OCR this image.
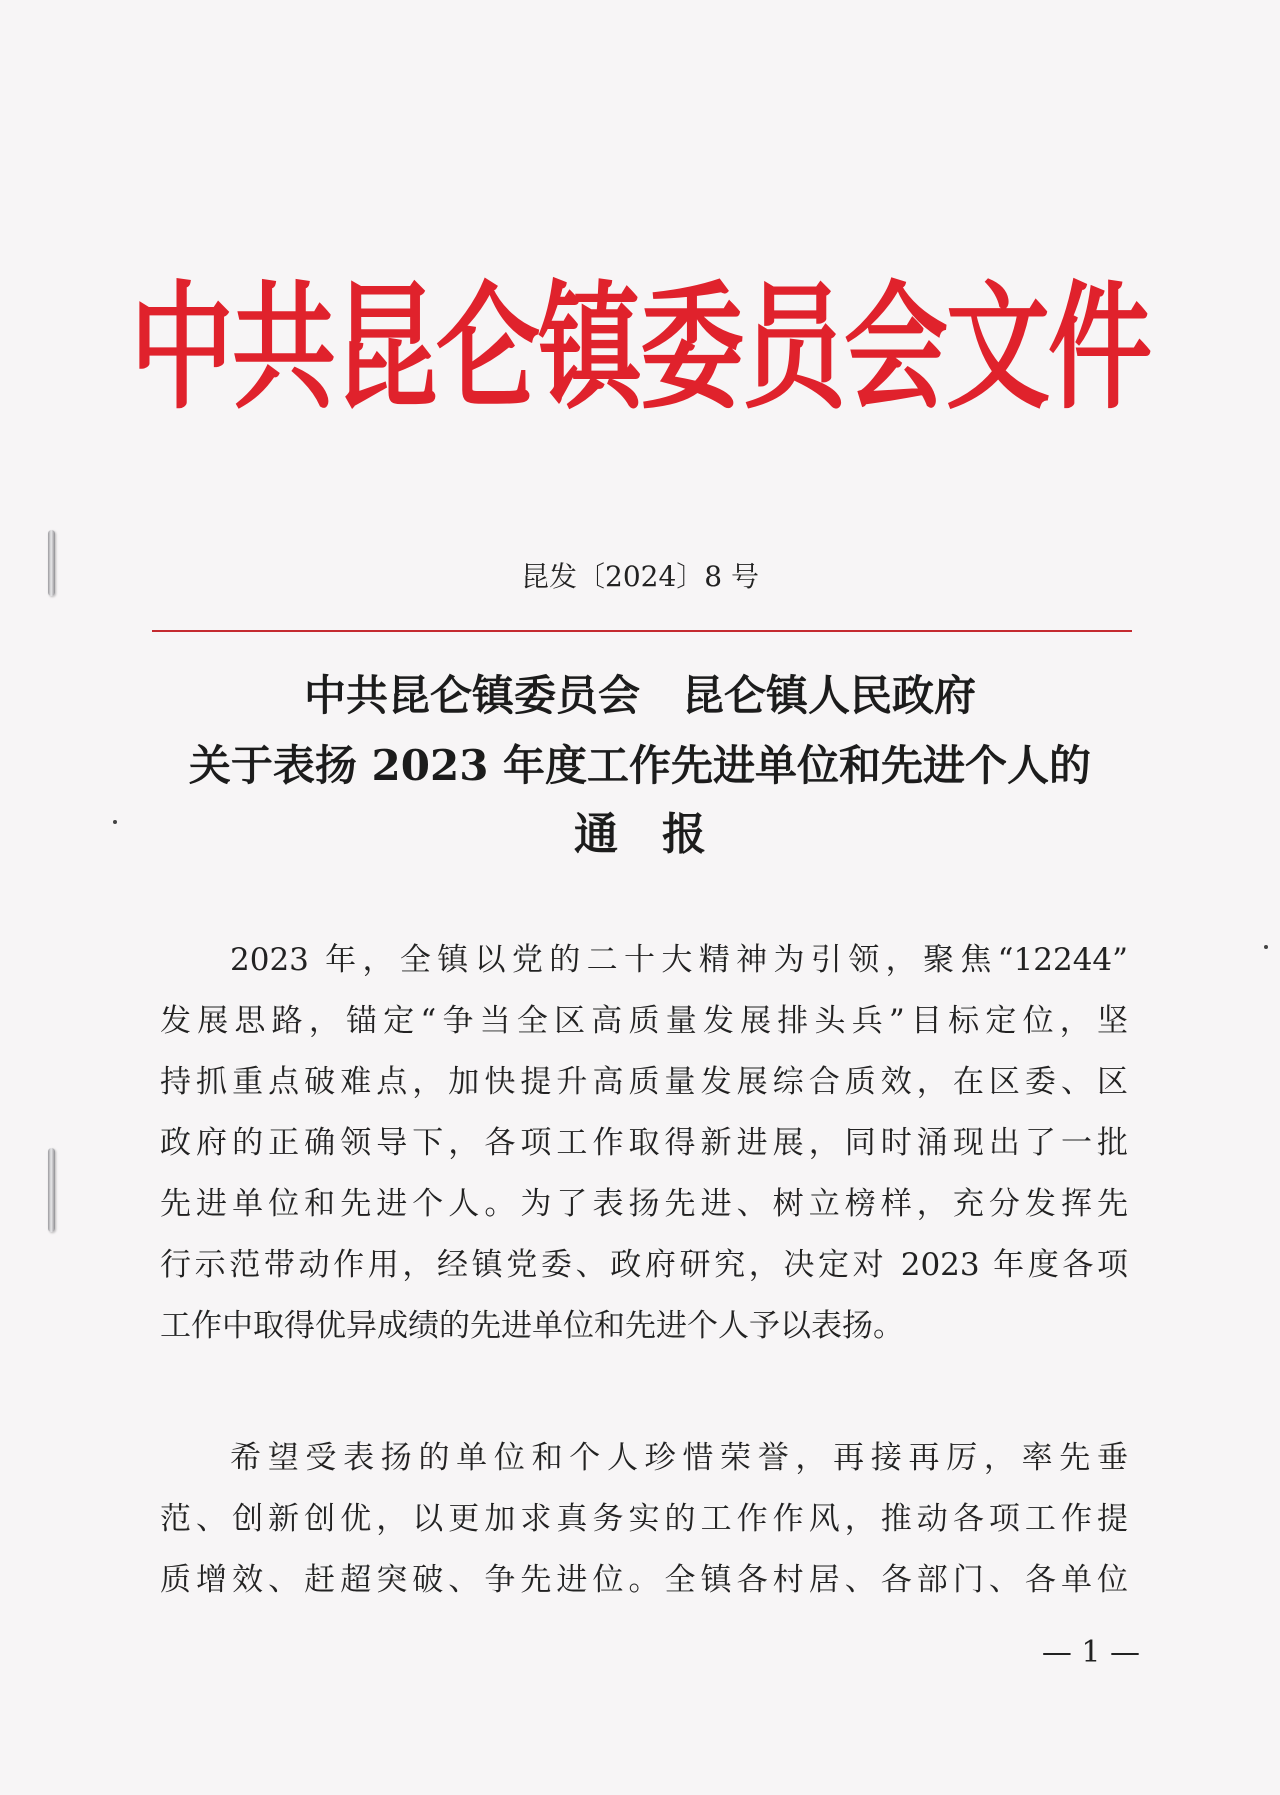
中共昆仑镇委员会文件
昆发〔2024〕8 号
中共昆仑镇委员会　昆仑镇人民政府
关于表扬 2023 年度工作先进单位和先进个人的
通　报
2023 年，全镇以党的二十大精神为引领，聚焦“12244”
发展思路，锚定“争当全区高质量发展排头兵”目标定位，坚
持抓重点破难点，加快提升高质量发展综合质效，在区委、区
政府的正确领导下，各项工作取得新进展，同时涌现出了一批
先进单位和先进个人。为了表扬先进、树立榜样，充分发挥先
行示范带动作用，经镇党委、政府研究，决定对 2023 年度各项
工作中取得优异成绩的先进单位和先进个人予以表扬。
希望受表扬的单位和个人珍惜荣誉，再接再厉，率先垂
范、创新创优，以更加求真务实的工作作风，推动各项工作提
质增效、赶超突破、争先进位。全镇各村居、各部门、各单位
— 1 —
